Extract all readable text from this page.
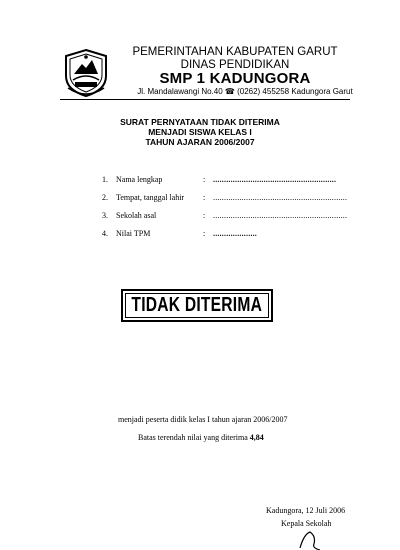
PEMERINTAHAN KABUPATEN GARUT
DINAS PENDIDIKAN
SMP 1 KADUNGORA
Jl. Mandalawangi No.40 ☎ (0262) 455258 Kadungora Garut
SURAT PERNYATAAN TIDAK DITERIMA
MENJADI SISWA KELAS I
TAHUN AJARAN 2006/2007
1. Nama lengkap	: ........................................................
2. Tempat, tanggal lahir : .............................................................
3. Sekolah asal	: .............................................................
4. Nilai TPM	: ....................
TIDAK DITERIMA
menjadi peserta didik kelas I tahun ajaran 2006/2007
Batas terendah nilai yang diterima 4,84
Kadungora, 12 Juli 2006
Kepala Sekolah
